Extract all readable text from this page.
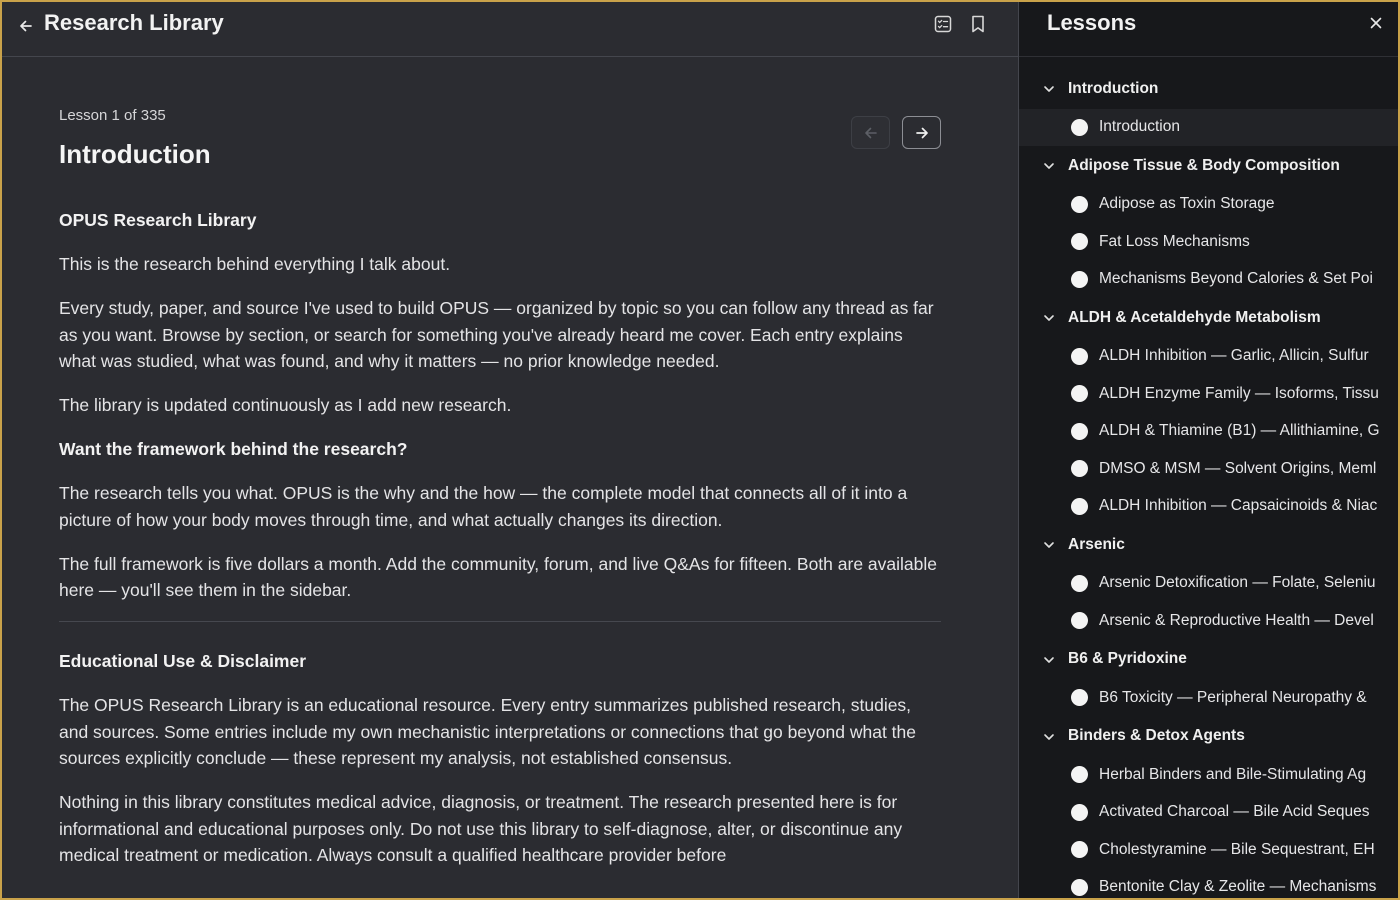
Research Library
Lesson 1 of 335
Introduction
OPUS Research Library

This is the research behind everything I talk about.

Every study, paper, and source I've used to build OPUS — organized by topic so you can follow any thread as far as you want. Browse by section, or search for something you've already heard me cover. Each entry explains what was studied, what was found, and why it matters — no prior knowledge needed.

The library is updated continuously as I add new research.

Want the framework behind the research?

The research tells you what. OPUS is the why and the how — the complete model that connects all of it into a picture of how your body moves through time, and what actually changes its direction.

The full framework is five dollars a month. Add the community, forum, and live Q&As for fifteen. Both are available here — you'll see them in the sidebar.

Educational Use & Disclaimer

The OPUS Research Library is an educational resource. Every entry summarizes published research, studies, and sources. Some entries include my own mechanistic interpretations or connections that go beyond what the sources explicitly conclude — these represent my analysis, not established consensus.

Nothing in this library constitutes medical advice, diagnosis, or treatment. The research presented here is for informational and educational purposes only. Do not use this library to self-diagnose, alter, or discontinue any medical treatment or medication. Always consult a qualified healthcare provider before

Lessons
Introduction
Introduction
Adipose Tissue & Body Composition
Adipose as Toxin Storage
Fat Loss Mechanisms
Mechanisms Beyond Calories & Set Poi
ALDH & Acetaldehyde Metabolism
ALDH Inhibition — Garlic, Allicin, Sulfur
ALDH Enzyme Family — Isoforms, Tissu
ALDH & Thiamine (B1) — Allithiamine, G
DMSO & MSM — Solvent Origins, Meml
ALDH Inhibition — Capsaicinoids & Niac
Arsenic
Arsenic Detoxification — Folate, Seleniu
Arsenic & Reproductive Health — Devel
B6 & Pyridoxine
B6 Toxicity — Peripheral Neuropathy &
Binders & Detox Agents
Herbal Binders and Bile-Stimulating Ag
Activated Charcoal — Bile Acid Seques
Cholestyramine — Bile Sequestrant, EH
Bentonite Clay & Zeolite — Mechanisms
